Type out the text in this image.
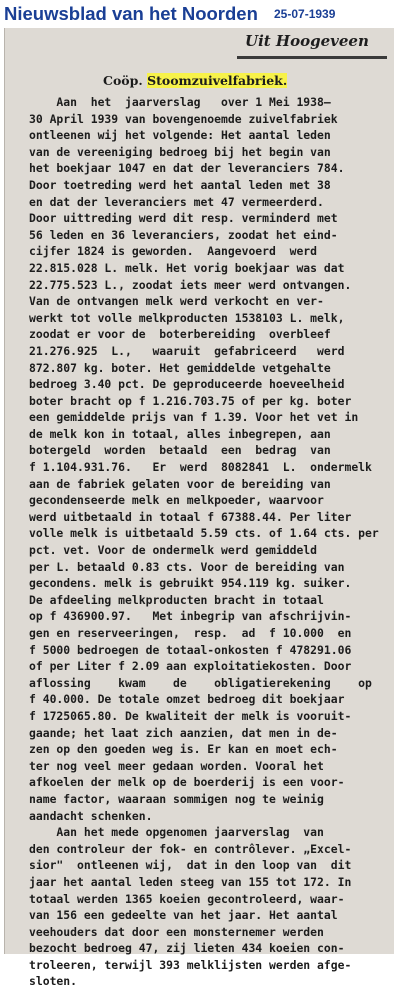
Nieuwsblad van het Noorden 25-07-1939
Uit Hoogeveen
Coöp. Stoomzuivelfabriek.
Aan  het  jaarverslag   over 1 Mei 1938—
30 April 1939 van bovengenoemde zuivelfabriek
ontleenen wij het volgende: Het aantal leden
van de vereeniging bedroeg bij het begin van
het boekjaar 1047 en dat der leveranciers 784.
Door toetreding werd het aantal leden met 38
en dat der leveranciers met 47 vermeerderd.
Door uittreding werd dit resp. verminderd met
56 leden en 36 leveranciers, zoodat het eind-
cijfer 1824 is geworden.  Aangevoerd  werd
22.815.028 L. melk. Het vorig boekjaar was dat
22.775.523 L., zoodat iets meer werd ontvangen.
Van de ontvangen melk werd verkocht en ver-
werkt tot volle melkproducten 1538103 L. melk,
zoodat er voor de  boterbereiding  overbleef
21.276.925  L.,   waaruit  gefabriceerd   werd
872.807 kg. boter. Het gemiddelde vetgehalte
bedroeg 3.40 pct. De geproduceerde hoeveelheid
boter bracht op f 1.216.703.75 of per kg. boter
een gemiddelde prijs van f 1.39. Voor het vet in
de melk kon in totaal, alles inbegrepen, aan
botergeld  worden  betaald  een  bedrag  van
f 1.104.931.76.   Er  werd  8082841  L.  ondermelk
aan de fabriek gelaten voor de bereiding van
gecondenseerde melk en melkpoeder, waarvoor
werd uitbetaald in totaal f 67388.44. Per liter
volle melk is uitbetaald 5.59 cts. of 1.64 cts. per
pct. vet. Voor de ondermelk werd gemiddeld
per L. betaald 0.83 cts. Voor de bereiding van
gecondens. melk is gebruikt 954.119 kg. suiker.
De afdeeling melkproducten bracht in totaal
op f 436900.97.   Met inbegrip van afschrijvin-
gen en reserveeringen,  resp.  ad  f 10.000  en
f 5000 bedroegen de totaal-onkosten f 478291.06
of per Liter f 2.09 aan exploitatiekosten. Door
aflossing    kwam    de    obligatierekening    op
f 40.000. De totale omzet bedroeg dit boekjaar
f 1725065.80. De kwaliteit der melk is vooruit-
gaande; het laat zich aanzien, dat men in de-
zen op den goeden weg is. Er kan en moet ech-
ter nog veel meer gedaan worden. Vooral het
afkoelen der melk op de boerderij is een voor-
name factor, waaraan sommigen nog te weinig
aandacht schenken.
Aan het mede opgenomen jaarverslag  van
den controleur der fok- en contrôlever. „Excel-
sior"  ontleenen wij,  dat in den loop van  dit
jaar het aantal leden steeg van 155 tot 172. In
totaal werden 1365 koeien gecontroleerd, waar-
van 156 een gedeelte van het jaar. Het aantal
veehouders dat door een monsternemer werden
bezocht bedroeg 47, zij lieten 434 koeien con-
troleeren, terwijl 393 melklijsten werden afge-
sloten.
